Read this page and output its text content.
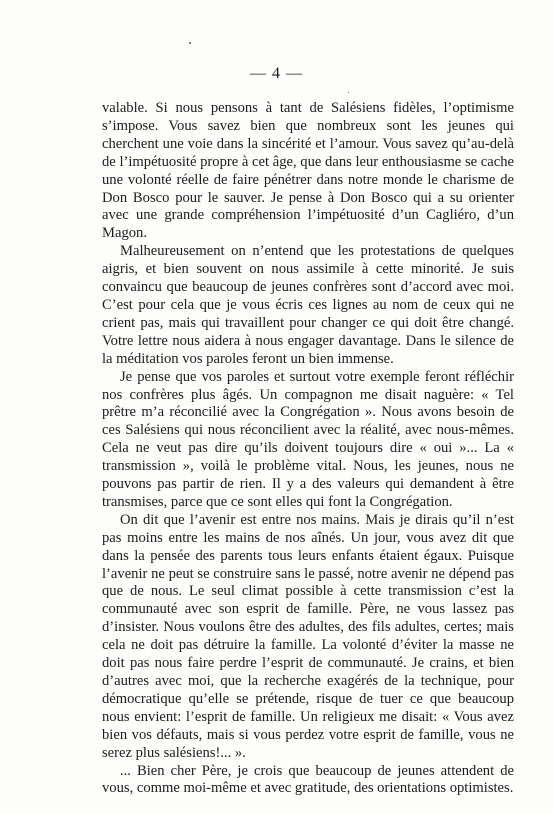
— 4 —

valable. Si nous pensons à tant de Salésiens fidèles, l’optimisme s’impose. Vous savez bien que nombreux sont les jeunes qui cherchent une voie dans la sincérité et l’amour. Vous savez qu’au-delà de l’impétuosité propre à cet âge, que dans leur enthousiasme se cache une volonté réelle de faire pénétrer dans notre monde le charisme de Don Bosco pour le sauver. Je pense à Don Bosco qui a su orienter avec une grande compréhension l’impétuosité d’un Cagliéro, d’un Magon.

Malheureusement on n’entend que les protestations de quelques aigris, et bien souvent on nous assimile à cette minorité. Je suis convaincu que beaucoup de jeunes confrères sont d’accord avec moi. C’est pour cela que je vous écris ces lignes au nom de ceux qui ne crient pas, mais qui travaillent pour changer ce qui doit être changé. Votre lettre nous aidera à nous engager davantage. Dans le silence de la méditation vos paroles feront un bien immense.

Je pense que vos paroles et surtout votre exemple feront réfléchir nos confrères plus âgés. Un compagnon me disait naguère: « Tel prêtre m’a réconcilié avec la Congrégation ». Nous avons besoin de ces Salésiens qui nous réconcilient avec la réalité, avec nous-mêmes. Cela ne veut pas dire qu’ils doivent toujours dire « oui »... La « transmission », voilà le problème vital. Nous, les jeunes, nous ne pouvons pas partir de rien. Il y a des valeurs qui demandent à être transmises, parce que ce sont elles qui font la Congrégation.

On dit que l’avenir est entre nos mains. Mais je dirais qu’il n’est pas moins entre les mains de nos aînés. Un jour, vous avez dit que dans la pensée des parents tous leurs enfants étaient égaux. Puisque l’avenir ne peut se construire sans le passé, notre avenir ne dépend pas que de nous. Le seul climat possible à cette transmission c’est la communauté avec son esprit de famille. Père, ne vous lassez pas d’insister. Nous voulons être des adultes, des fils adultes, certes; mais cela ne doit pas détruire la famille. La volonté d’éviter la masse ne doit pas nous faire perdre l’esprit de communauté. Je crains, et bien d’autres avec moi, que la recherche exagérés de la technique, pour démocratique qu’elle se prétende, risque de tuer ce que beaucoup nous envient: l’esprit de famille. Un religieux me disait: « Vous avez bien vos défauts, mais si vous perdez votre esprit de famille, vous ne serez plus salésiens!... ».

... Bien cher Père, je crois que beaucoup de jeunes attendent de vous, comme moi-même et avec gratitude, des orientations optimistes.
